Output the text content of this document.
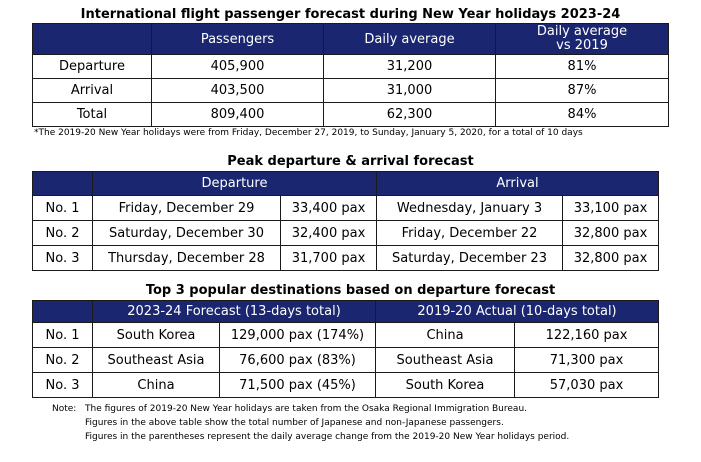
International flight passenger forecast during New Year holidays 2023-24
	Passengers	Daily average	Daily average
vs 2019
Departure	405,900	31,200	81%
Arrival	403,500	31,000	87%
Total	809,400	62,300	84%
*The 2019-20 New Year holidays were from Friday, December 27, 2019, to Sunday, January 5, 2020, for a total of 10 days
Peak departure & arrival forecast
	Departure		Arrival	
No. 1	Friday, December 29	33,400 pax	Wednesday, January 3	33,100 pax
No. 2	Saturday, December 30	32,400 pax	Friday, December 22	32,800 pax
No. 3	Thursday, December 28	31,700 pax	Saturday, December 23	32,800 pax
Top 3 popular destinations based on departure forecast
	2023-24 Forecast (13-days total)		2019-20 Actual (10-days total)	
No. 1	South Korea	129,000 pax (174%)	China	122,160 pax
No. 2	Southeast Asia	76,600 pax (83%)	Southeast Asia	71,300 pax
No. 3	China	71,500 pax (45%)	South Korea	57,030 pax
Note: The figures of 2019-20 New Year holidays are taken from the Osaka Regional Immigration Bureau.
Figures in the above table show the total number of Japanese and non-Japanese passengers.
Figures in the parentheses represent the daily average change from the 2019-20 New Year holidays period.
